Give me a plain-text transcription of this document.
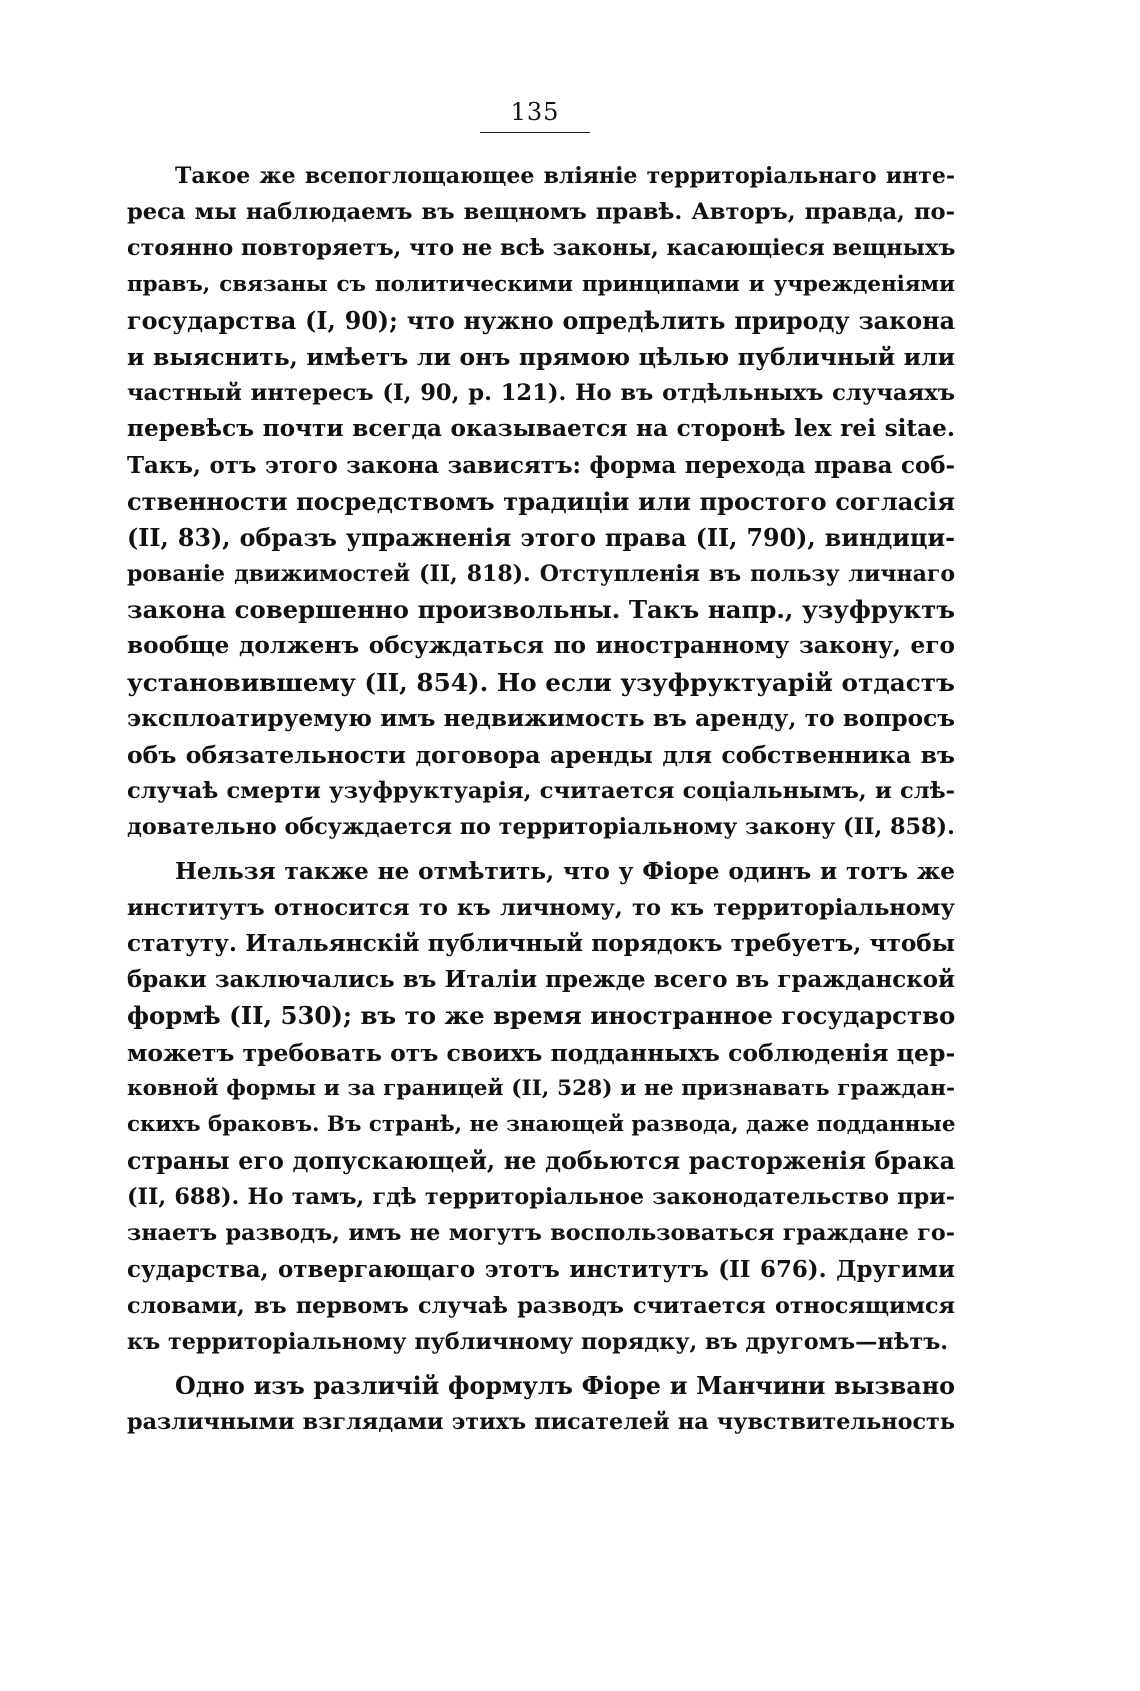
135
Такое же всепоглощающее вліяніе территоріальнаго инте-
реса мы наблюдаемъ въ вещномъ правѣ. Авторъ, правда, по-
стоянно повторяетъ, что не всѣ законы, касающіеся вещныхъ
правъ, связаны съ политическими принципами и учрежденіями
государства (I, 90); что нужно опредѣлить природу закона
и выяснить, имѣетъ ли онъ прямою цѣлью публичный или
частный интересъ (I, 90, p. 121). Но въ отдѣльныхъ случаяхъ
перевѣсъ почти всегда оказывается на сторонѣ lex rei sitae.
Такъ, отъ этого закона зависятъ: форма перехода права соб-
ственности посредствомъ традиціи или простого согласія
(II, 83), образъ упражненія этого права (II, 790), виндици-
рованіе движимостей (II, 818). Отступленія въ пользу личнаго
закона совершенно произвольны. Такъ напр., узуфруктъ
вообще долженъ обсуждаться по иностранному закону, его
установившему (II, 854). Но если узуфруктуарій отдастъ
эксплоатируемую имъ недвижимость въ аренду, то вопросъ
объ обязательности договора аренды для собственника въ
случаѣ смерти узуфруктуарія, считается соціальнымъ, и слѣ-
довательно обсуждается по территоріальному закону (II, 858).
Нельзя также не отмѣтить, что у Фіоре одинъ и тотъ же
институтъ относится то къ личному, то къ территоріальному
статуту. Итальянскій публичный порядокъ требуетъ, чтобы
браки заключались въ Италіи прежде всего въ гражданской
формѣ (II, 530); въ то же время иностранное государство
можетъ требовать отъ своихъ подданныхъ соблюденія цер-
ковной формы и за границей (II, 528) и не признавать граждан-
скихъ браковъ. Въ странѣ, не знающей развода, даже подданные
страны его допускающей, не добьются расторженія брака
(II, 688). Но тамъ, гдѣ территоріальное законодательство при-
знаетъ разводъ, имъ не могутъ воспользоваться граждане го-
сударства, отвергающаго этотъ институтъ (II 676). Другими
словами, въ первомъ случаѣ разводъ считается относящимся
къ территоріальному публичному порядку, въ другомъ—нѣтъ.
Одно изъ различій формулъ Фіоре и Манчини вызвано
различными взглядами этихъ писателей на чувствительность
